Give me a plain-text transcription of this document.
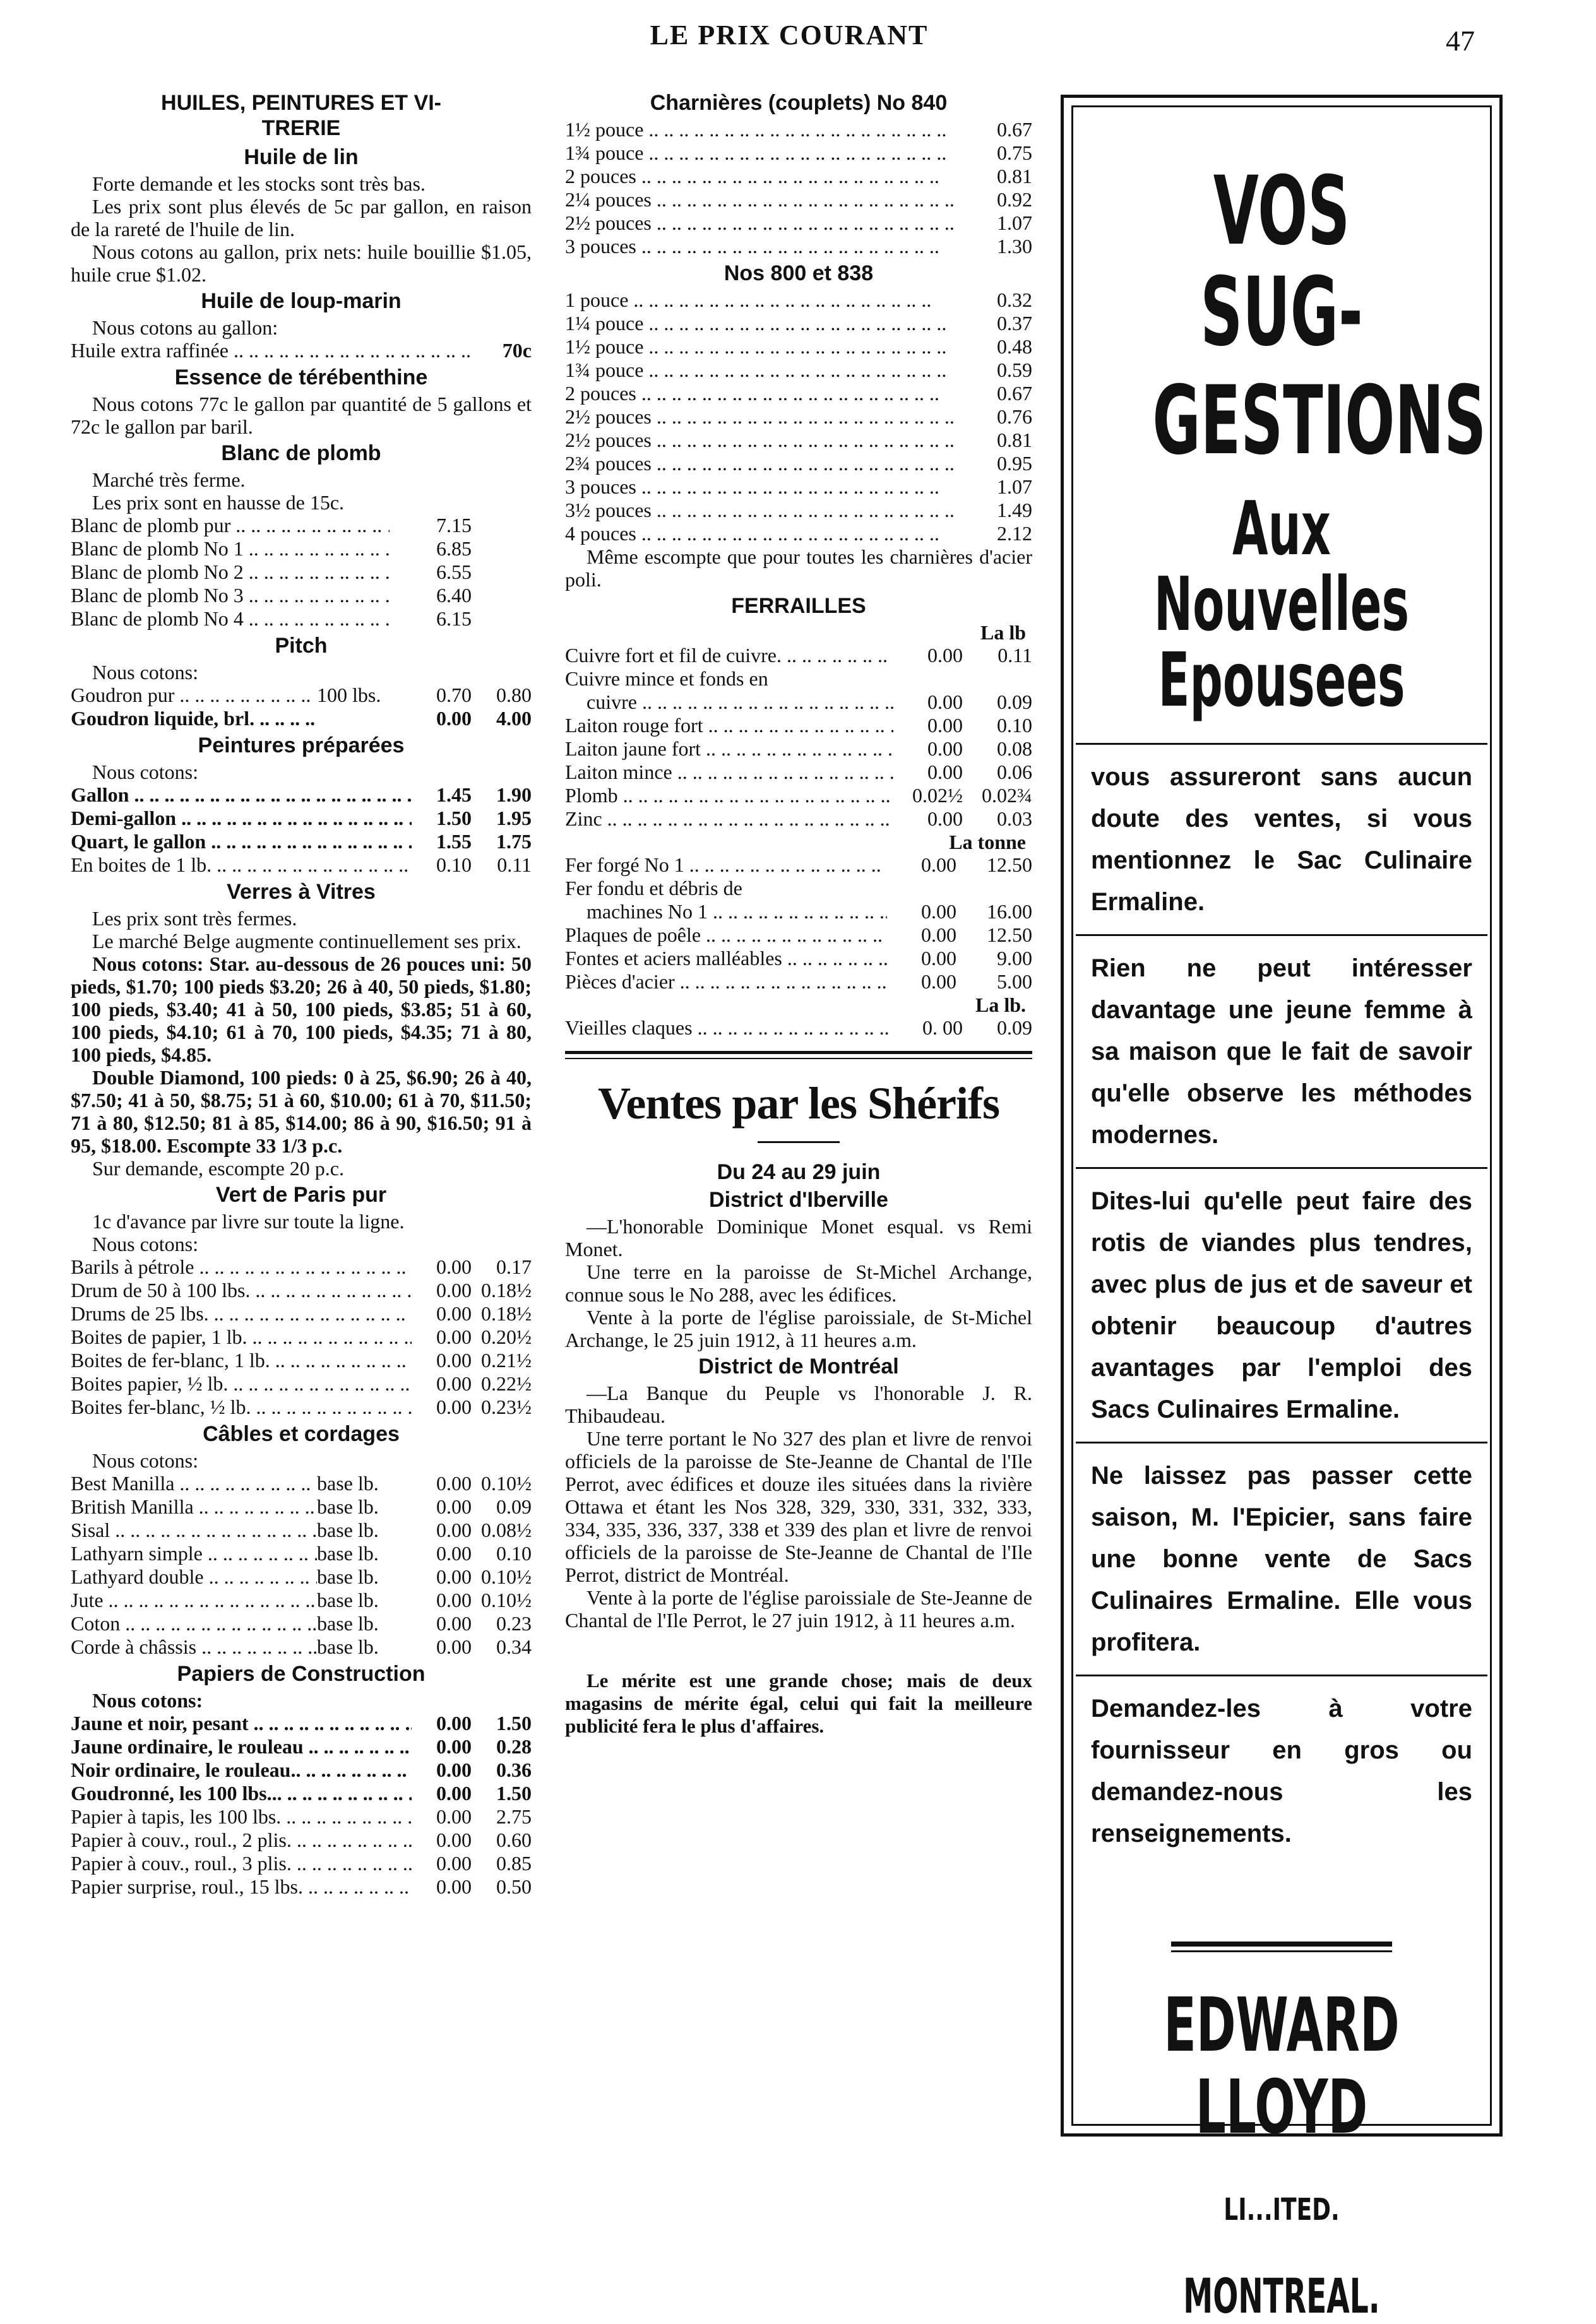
LE PRIX COURANT	47
HUILES, PEINTURES ET VI-
TRERIE
Huile de lin

Forte demande et les stocks sont très bas.

Les prix sont plus élevés de 5c par gallon, en raison de la rareté de l'huile de lin.

Nous cotons au gallon, prix nets: huile bouillie $1.05, huile crue $1.02.

Huile de loup-marin

Nous cotons au gallon:

Huile extra raffinée .. ..	70c
Essence de térébenthine

Nous cotons 77c le gallon par quantité de 5 gallons et 72c le gallon par baril.

Blanc de plomb

Marché très ferme.

Les prix sont en hausse de 15c.

Blanc de plomb pur .. ..	7.15
Blanc de plomb No 1 .. ..	6.85
Blanc de plomb No 2 .. ..	6.55
Blanc de plomb No 3 .. ..	6.40
Blanc de plomb No 4 .. ..	6.15
Pitch

Nous cotons:

Goudron pur .. ..	100 lbs.	0.70	0.80
Goudron liquide, brl. .. ..	0.00	4.00
Peintures préparées

Nous cotons:

Gallon .. ..	1.45	1.90
Demi-gallon .. ..	1.50	1.95
Quart, le gallon .. ..	1.55	1.75
En boites de 1 lb. .. ..	0.10	0.11
Verres à Vitres

Les prix sont très fermes.

Le marché Belge augmente continuellement ses prix.

Nous cotons: Star. au-dessous de 26 pouces uni: 50 pieds, $1.70; 100 pieds $3.20; 26 à 40, 50 pieds, $1.80; 100 pieds, $3.40; 41 à 50, 100 pieds, $3.85; 51 à 60, 100 pieds, $4.10; 61 à 70, 100 pieds, $4.35; 71 à 80, 100 pieds, $4.85.

Double Diamond, 100 pieds: 0 à 25, $6.90; 26 à 40, $7.50; 41 à 50, $8.75; 51 à 60, $10.00; 61 à 70, $11.50; 71 à 80, $12.50; 81 à 85, $14.00; 86 à 90, $16.50; 91 à 95, $18.00. Escompte 33 1/3 p.c.

Sur demande, escompte 20 p.c.

Vert de Paris pur

1c d'avance par livre sur toute la ligne.

Nous cotons:

Barils à pétrole .. ..	0.00	0.17
Drum de 50 à 100 lbs. .. ..	0.00 0.18½
Drums de 25 lbs. .. ..	0.00 0.18½
Boites de papier, 1 lb. .. ..	0.00 0.20½
Boites de fer-blanc, 1 lb. .. ..	0.00 0.21½
Boites papier, ½ lb. .. ..	0.00 0.22½
Boites fer-blanc, ½ lb. .. ..	0.00 0.23½
Câbles et cordages

Nous cotons:

Best Manilla .. ..	base lb.	0.00 0.10½
British Manilla .. ..	base lb.	0.00	0.09
Sisal .. ..	base lb.	0.00 0.08½
Lathyarn simple .. ..	base lb.	0.00	0.10
Lathyard double .. ..	base lb.	0.00 0.10½
Jute .. ..	base lb.	0.00 0.10½
Coton .. ..	base lb.	0.00	0.23
Corde à châssis .. ..	base lb.	0.00	0.34
Papiers de Construction

Nous cotons:

Jaune et noir, pesant .. ..	0.00	1.50
Jaune ordinaire, le rouleau .. ..	0.00	0.28
Noir ordinaire, le rouleau.. .. ..	0.00	0.36
Goudronné, les 100 lbs... .. ..	0.00	1.50
Papier à tapis, les 100 lbs. .. ..	0.00	2.75
Papier à couv., roul., 2 plis. .. ..	0.00	0.60
Papier à couv., roul., 3 plis. .. ..	0.00	0.85
Papier surprise, roul., 15 lbs. .. ..	0.00	0.50
Charnières (couplets) No 840
1½ pouce .. ..	0.67
1¾ pouce .. ..	0.75
2 pouces .. ..	0.81
2¼ pouces .. ..	0.92
2½ pouces .. ..	1.07
3 pouces .. ..	1.30
Nos 800 et 838
1 pouce .. ..	0.32
1¼ pouce .. ..	0.37
1½ pouce .. ..	0.48
1¾ pouce .. ..	0.59
2 pouces .. ..	0.67
2½ pouces .. ..	0.76
2½ pouces .. ..	0.81
2¾ pouces .. ..	0.95
3 pouces .. ..	1.07
3½ pouces .. ..	1.49
4 pouces .. ..	2.12

Même escompte que pour toutes les charnières d'acier poli.

FERRAILLES
La lb
Cuivre fort et fil de cuivre. .. ..	0.00	0.11
Cuivre mince et fonds en
cuivre .. ..	0.00	0.09
Laiton rouge fort .. ..	0.00	0.10
Laiton jaune fort .. ..	0.00	0.08
Laiton mince .. ..	0.00	0.06
Plomb .. ..	0.02½ 0.02¾
Zinc .. ..	0.00	0.03
La tonne
Fer forgé No 1 .. ..	0.00	12.50
Fer fondu et débris de
machines No 1 .. ..	0.00	16.00
Plaques de poêle .. ..	0.00	12.50
Fontes et aciers malléables .. ..	0.00	9.00
Pièces d'acier .. ..	0.00	5.00
La lb.
Vieilles claques .. ..	0. 00	0.09
Ventes par les Shérifs
Du 24 au 29 juin
District d'Iberville

—L'honorable Dominique Monet esqual. vs Remi Monet.

Une terre en la paroisse de St-Michel Archange, connue sous le No 288, avec les édifices.

Vente à la porte de l'église paroissiale, de St-Michel Archange, le 25 juin 1912, à 11 heures a.m.

District de Montréal

—La Banque du Peuple vs l'honorable J. R. Thibaudeau.

Une terre portant le No 327 des plan et livre de renvoi officiels de la paroisse de Ste-Jeanne de Chantal de l'Ile Perrot, avec édifices et douze iles situées dans la rivière Ottawa et étant les Nos 328, 329, 330, 331, 332, 333, 334, 335, 336, 337, 338 et 339 des plan et livre de renvoi officiels de la paroisse de Ste-Jeanne de Chantal de l'Ile Perrot, district de Montréal.

Vente à la porte de l'église paroissiale de Ste-Jeanne de Chantal de l'Ile Perrot, le 27 juin 1912, à 11 heures a.m.

Le mérite est une grande chose; mais de deux magasins de mérite égal, celui qui fait la meilleure publicité fera le plus d'affaires.

VOS SUG-
GESTIONS
Aux Nouvelles Epousees

vous assureront sans aucun doute des ventes, si vous mentionnez le Sac Culinaire Ermaline.

Rien ne peut intéresser davantage une jeune femme à sa maison que le fait de savoir qu'elle observe les méthodes modernes.

Dites-lui qu'elle peut faire des rotis de viandes plus tendres, avec plus de jus et de saveur et obtenir beaucoup d'autres avantages par l'emploi des Sacs Culinaires Ermaline.

Ne laissez pas passer cette saison, M. l'Epicier, sans faire une bonne vente de Sacs Culinaires Ermaline. Elle vous profitera.

Demandez-les à votre fournisseur en gros ou demandez-nous les renseignements.

EDWARD LLOYD
LI...ITED.
MONTREAL.
